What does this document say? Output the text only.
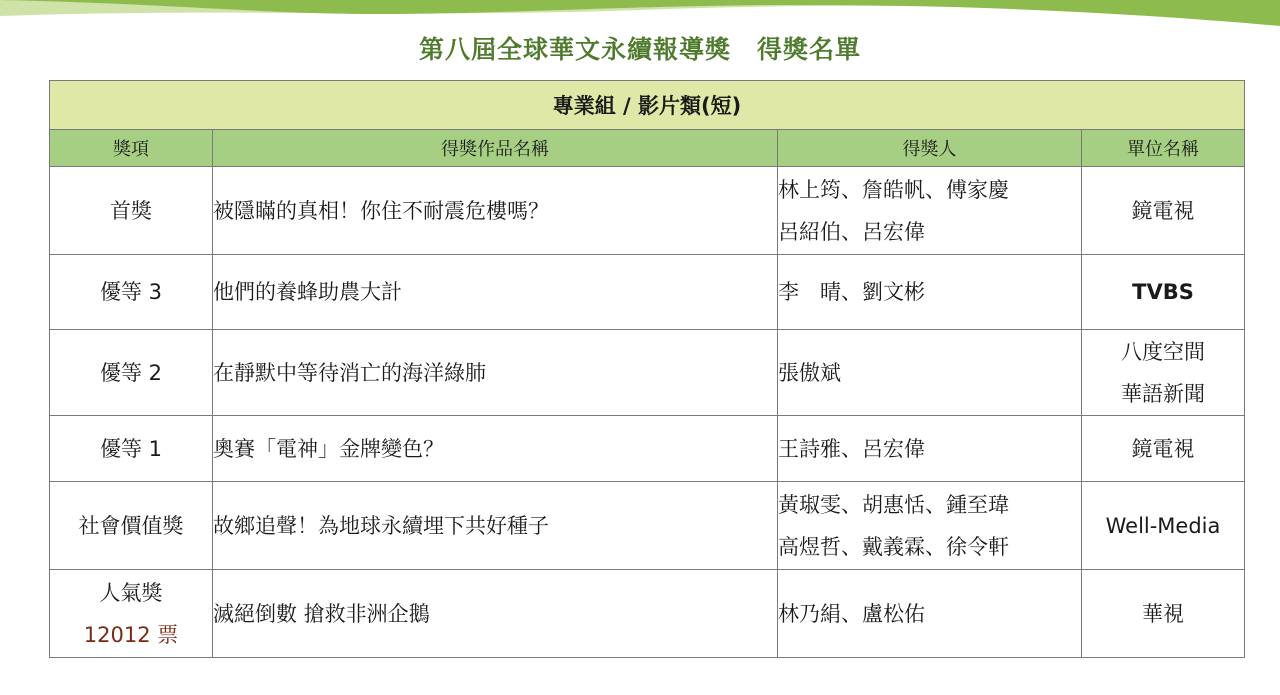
第八屆全球華文永續報導獎　得獎名單
專業組 / 影片類(短)			
獎項	得獎作品名稱	得獎人	單位名稱

首獎	被隱瞞的真相！你住不耐震危樓嗎？	林上筠、詹皓帆、傅家慶
呂紹伯、呂宏偉	鏡電視

優等 3	他們的養蜂助農大計	李　晴、劉文彬	TVBS

優等 2	在靜默中等待消亡的海洋綠肺	張傲斌	八度空間
華語新聞

優等 1	奧賽「電神」金牌變色？	王詩雅、呂宏偉	鏡電視

社會價值獎	故鄉追聲！為地球永續埋下共好種子	黃琡雯、胡惠恬、鍾至瑋
高煜哲、戴義霖、徐令軒	Well-Media

人氣獎
12012 票	滅絕倒數 搶救非洲企鵝	林乃絹、盧松佑	華視
